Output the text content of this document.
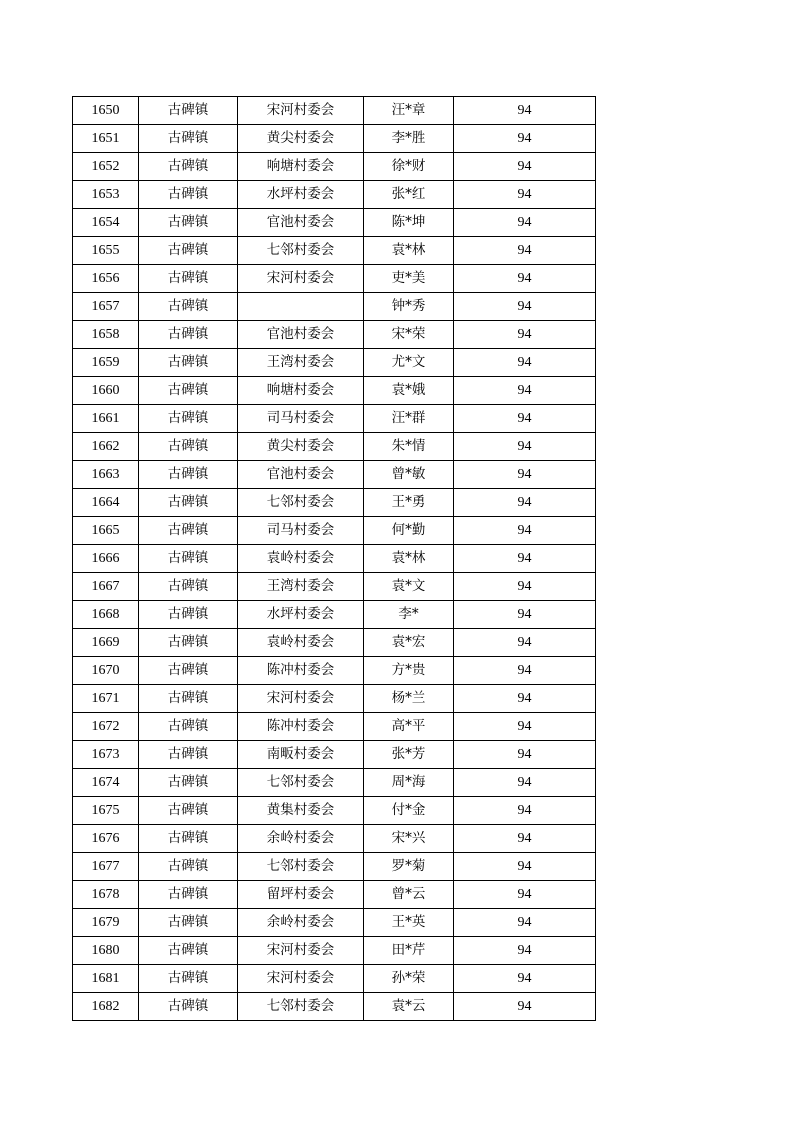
1650	古碑镇	宋河村委会	汪*章	94
1651	古碑镇	黄尖村委会	李*胜	94
1652	古碑镇	响塘村委会	徐*财	94
1653	古碑镇	水坪村委会	张*红	94
1654	古碑镇	官池村委会	陈*坤	94
1655	古碑镇	七邻村委会	袁*林	94
1656	古碑镇	宋河村委会	吏*美	94
1657	古碑镇		钟*秀	94
1658	古碑镇	官池村委会	宋*荣	94
1659	古碑镇	王湾村委会	尤*文	94
1660	古碑镇	响塘村委会	袁*娥	94
1661	古碑镇	司马村委会	汪*群	94
1662	古碑镇	黄尖村委会	朱*情	94
1663	古碑镇	官池村委会	曾*敏	94
1664	古碑镇	七邻村委会	王*勇	94
1665	古碑镇	司马村委会	何*勤	94
1666	古碑镇	袁岭村委会	袁*林	94
1667	古碑镇	王湾村委会	袁*文	94
1668	古碑镇	水坪村委会	李*	94
1669	古碑镇	袁岭村委会	袁*宏	94
1670	古碑镇	陈冲村委会	方*贵	94
1671	古碑镇	宋河村委会	杨*兰	94
1672	古碑镇	陈冲村委会	高*平	94
1673	古碑镇	南畈村委会	张*芳	94
1674	古碑镇	七邻村委会	周*海	94
1675	古碑镇	黄集村委会	付*金	94
1676	古碑镇	余岭村委会	宋*兴	94
1677	古碑镇	七邻村委会	罗*菊	94
1678	古碑镇	留坪村委会	曾*云	94
1679	古碑镇	余岭村委会	王*英	94
1680	古碑镇	宋河村委会	田*芹	94
1681	古碑镇	宋河村委会	孙*荣	94
1682	古碑镇	七邻村委会	袁*云	94
